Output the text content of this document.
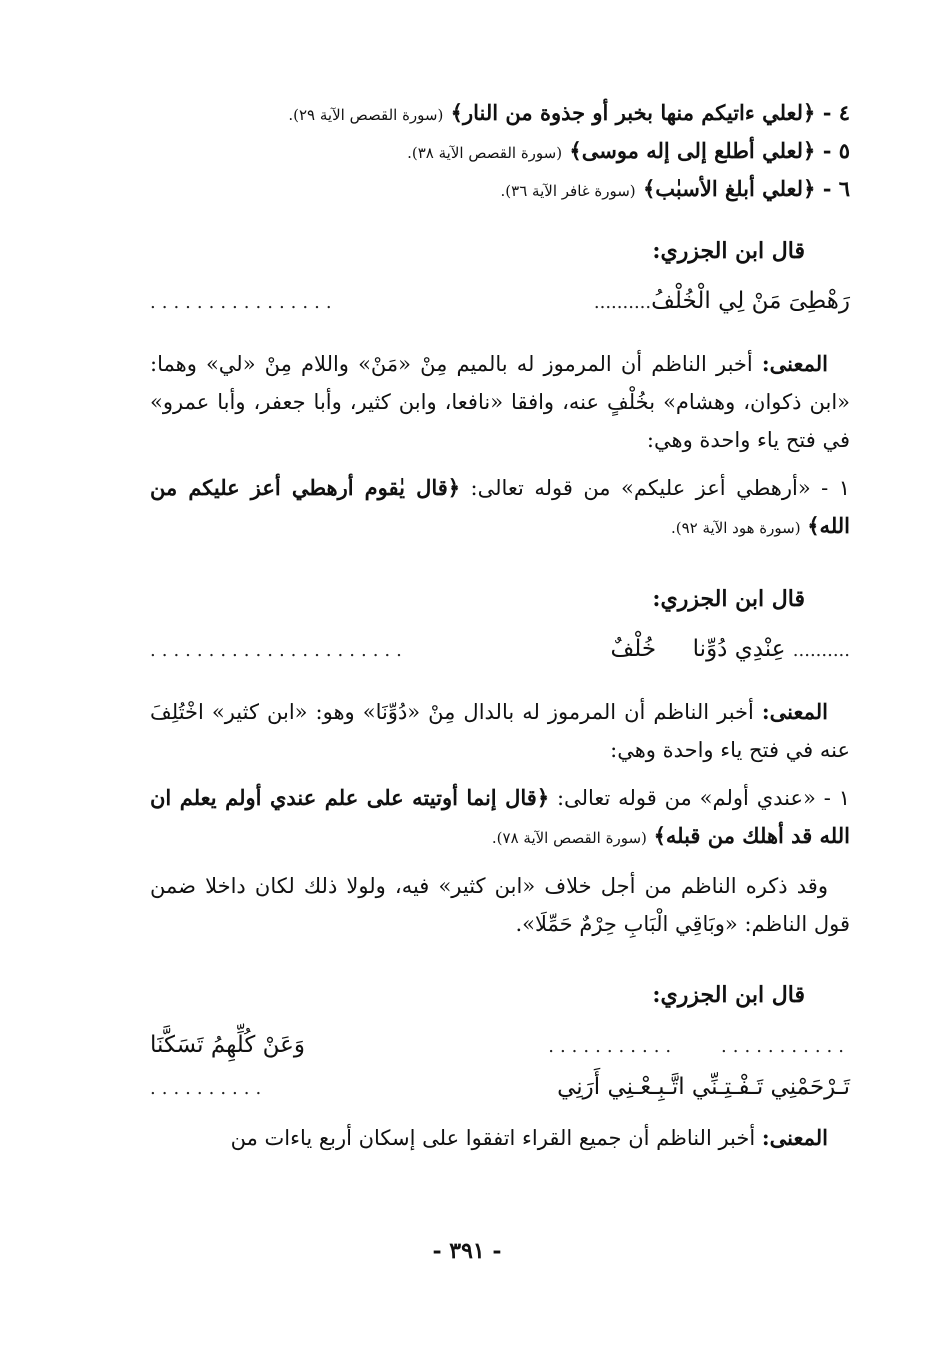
٤ - ﴿لعلي ءاتيكم منها بخبر أو جذوة من النار﴾ (سورة القصص الآية ٢٩).
٥ - ﴿لعلي أطلع إلى إله موسى﴾ (سورة القصص الآية ٣٨).
٦ - ﴿لعلي أبلغ الأسبٰب﴾ (سورة غافر الآية ٣٦).
قال ابن الجزري:
رَهْطِىَ مَنْ لِي الْخُلْفُ..........
................
المعنى: أخبر الناظم أن المرموز له بالميم مِنْ «مَنْ» واللام مِنْ «لي» وهما: «ابن ذكوان، وهشام» بخُلْفٍ عنه، وافقا «نافعا، وابن كثير، وأبا جعفر، وأبا عمرو» في فتح ياء واحدة وهي:
١ - «أرهطي أعز عليكم» من قوله تعالى: ﴿قال يٰقوم أرهطي أعز عليكم من الله﴾ (سورة هود الآية ٩٢).
قال ابن الجزري:
.......... عِنْدِي دُوِّنا     خُلْفٌ
......................
المعنى: أخبر الناظم أن المرموز له بالدال مِنْ «دُوِّنَا» وهو: «ابن كثير» اخْتُلِفَ عنه في فتح ياء واحدة وهي:
١ - «عندي أولم» من قوله تعالى: ﴿قال إنما أوتيته على علم عندي أولم يعلم ان الله قد أهلك من قبله﴾ (سورة القصص الآية ٧٨).
وقد ذكره الناظم من أجل خلاف «ابن كثير» فيه، ولولا ذلك لكان داخلا ضمن قول الناظم: «وبَاقِي الْبَابِ حِرْمٌ حَمِّلَا».
قال ابن الجزري:
...........      ...........
وَعَنْ كُلِّهِمُ تَسَكَّنَا
تَـرْحَمْنِي تَـفْـتِـنِّي اتَّـبِـعْـنِي أَرَنِي
..........
المعنى: أخبر الناظم أن جميع القراء اتفقوا على إسكان أربع ياءات من
- ٣٩١ -
